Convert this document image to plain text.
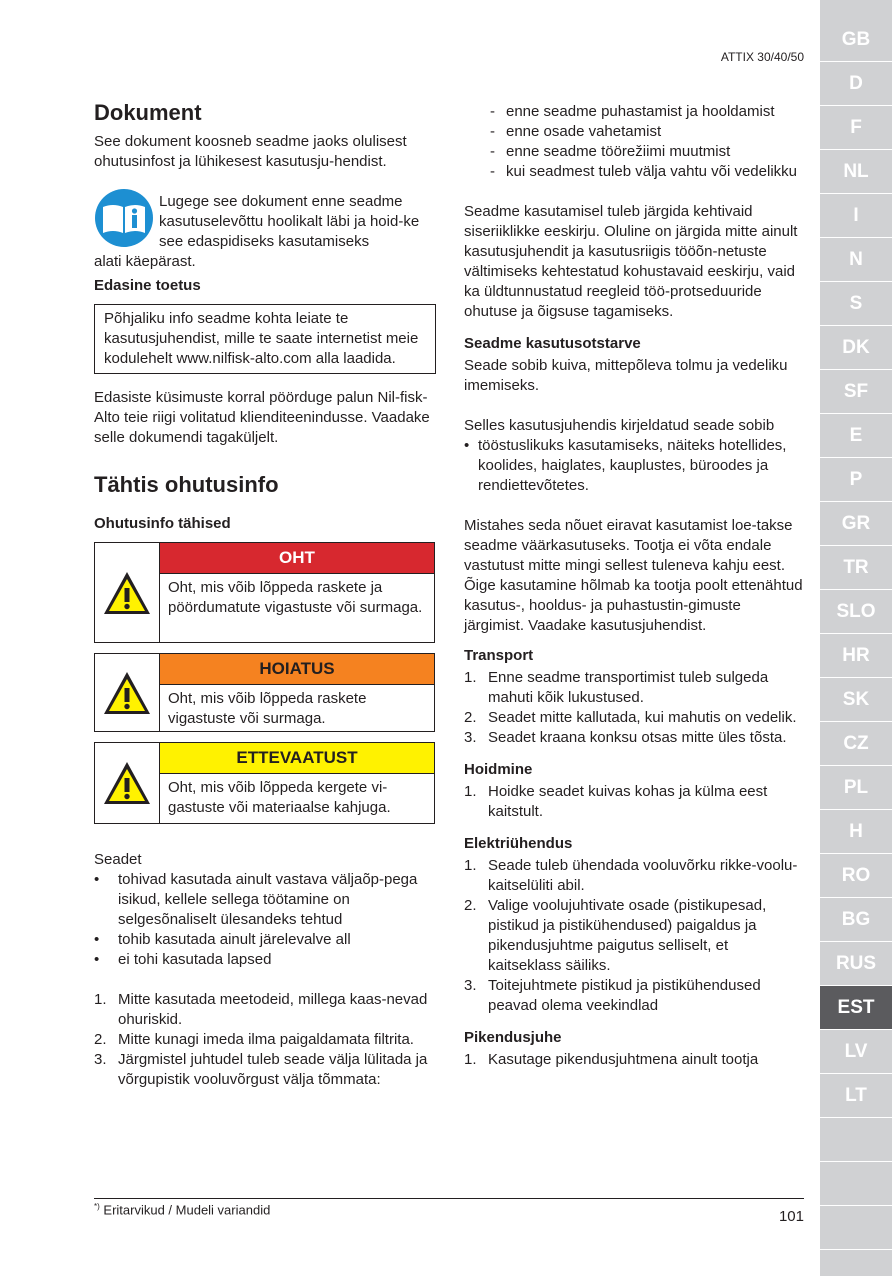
ATTIX 30/40/50
Dokument

See dokument koosneb seadme jaoks olulisest ohutusinfost ja lühikesest kasutusju-hendist.

Lugege see dokument enne seadme kasutuselevõttu hoolikalt läbi ja hoid-ke see edaspidiseks kasutamiseks
alati käepärast.
Edasine toetus
Põhjaliku info seadme kohta leiate te kasutusjuhendist, mille te saate internetist meie kodulehelt www.nilfisk-alto.com alla laadida.

Edasiste küsimuste korral pöörduge palun Nil-fisk-Alto teie riigi volitatud klienditeenindusse. Vaadake selle dokumendi tagaküljelt.

Tähtis ohutusinfo
Ohutusinfo tähised
OHT
Oht, mis võib lõppeda raskete ja pöördumatute vigastuste või surmaga.
HOIATUS
Oht, mis võib lõppeda raskete vigastuste või surmaga.
ETTEVAATUST
Oht, mis võib lõppeda kergete vi-gastuste või materiaalse kahjuga.

Seadet

• tohivad kasutada ainult vastava väljaõp-pega isikud, kellele sellega töötamine on selgesõnaliselt ülesandeks tehtud
• tohib kasutada ainult järelevalve all
• ei tohi kasutada lapsed
1. Mitte kasutada meetodeid, millega kaas-nevad ohuriskid.
2. Mitte kunagi imeda ilma paigaldamata filtrita.
3. Järgmistel juhtudel tuleb seade välja lülitada ja võrgupistik vooluvõrgust välja tõmmata:
- enne seadme puhastamist ja hooldamist
- enne osade vahetamist
- enne seadme töörežiimi muutmist
- kui seadmest tuleb välja vahtu või vedelikku

Seadme kasutamisel tuleb järgida kehtivaid siseriiklikke eeskirju. Oluline on järgida mitte ainult kasutusjuhendit ja kasutusriigis tööõn-netuste vältimiseks kehtestatud kohustavaid eeskirju, vaid ka üldtunnustatud reegleid töö-protseduuride ohutuse ja õigsuse tagamiseks.

Seadme kasutusotstarve

Seade sobib kuiva, mittepõleva tolmu ja vedeliku imemiseks.

Selles kasutusjuhendis kirjeldatud seade sobib

• tööstuslikuks kasutamiseks, näiteks hotellides, koolides, haiglates, kauplustes, büroodes ja rendiettevõtetes.

Mistahes seda nõuet eiravat kasutamist loe-takse seadme väärkasutuseks. Tootja ei võta endale vastutust mitte mingi sellest tuleneva kahju eest.

Õige kasutamine hõlmab ka tootja poolt ettenähtud kasutus-, hooldus- ja puhastustin-gimuste järgimist. Vaadake kasutusjuhendist.

Transport
1. Enne seadme transportimist tuleb sulgeda mahuti kõik lukustused.
2. Seadet mitte kallutada, kui mahutis on vedelik.
3. Seadet kraana konksu otsas mitte üles tõsta.
Hoidmine
1. Hoidke seadet kuivas kohas ja külma eest kaitstult.
Elektriühendus
1. Seade tuleb ühendada vooluvõrku rikke-voolu-kaitselüliti abil.
2. Valige voolujuhtivate osade (pistikupesad, pistikud ja pistikühendused) paigaldus ja pikendusjuhtme paigutus selliselt, et kaitseklass säiliks.
3. Toitejuhtmete pistikud ja pistikühendused peavad olema veekindlad
Pikendusjuhe
1. Kasutage pikendusjuhtmena ainult tootja
GB
D
F
NL
I
N
S
DK
SF
E
P
GR
TR
SLO
HR
SK
CZ
PL
H
RO
BG
RUS
EST
LV
LT
*) Eritarvikud / Mudeli variandid	101
